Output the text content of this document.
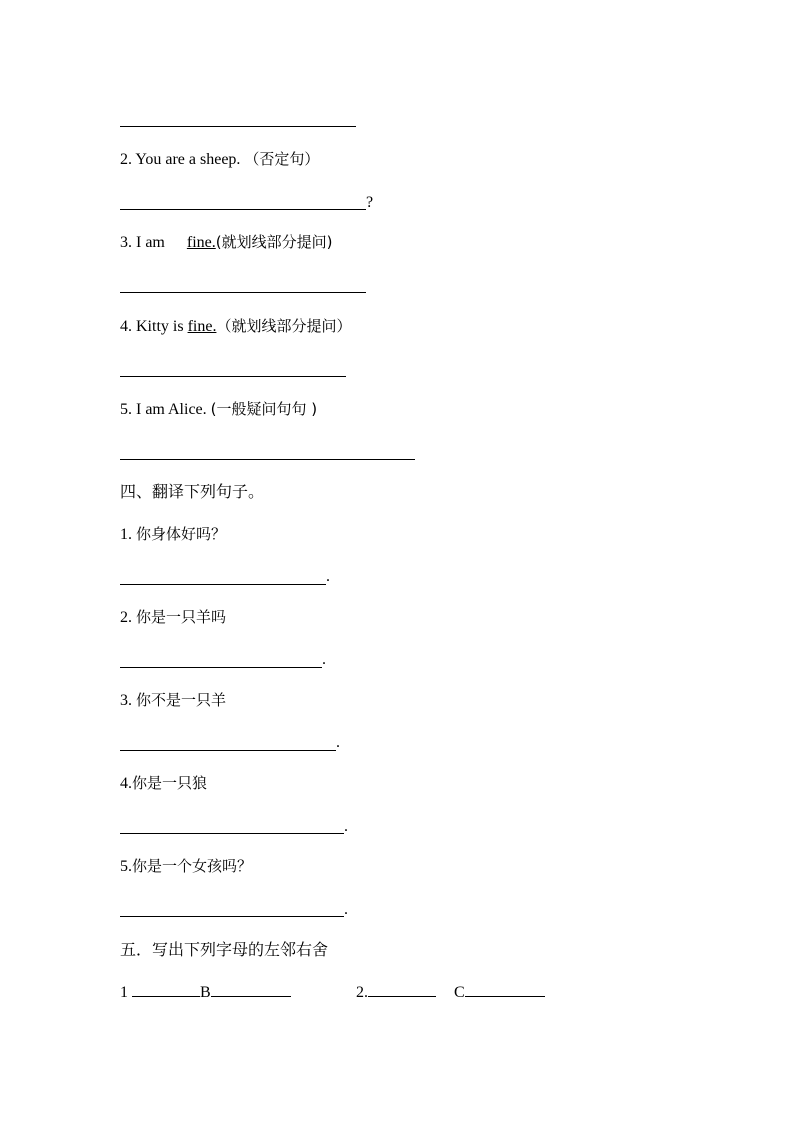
2. You are a sheep. （否定句）
?
3. I am fine.(就划线部分提问)
4. Kitty is fine.（就划线部分提问）
5. I am Alice. (一般疑问句句 )
四、翻译下列句子。
1. 你身体好吗？
.
2. 你是一只羊吗
.
3. 你不是一只羊
.
4.你是一只狼
.
5.你是一个女孩吗？
.
五．写出下列字母的左邻右舍
1	B	2.	C
